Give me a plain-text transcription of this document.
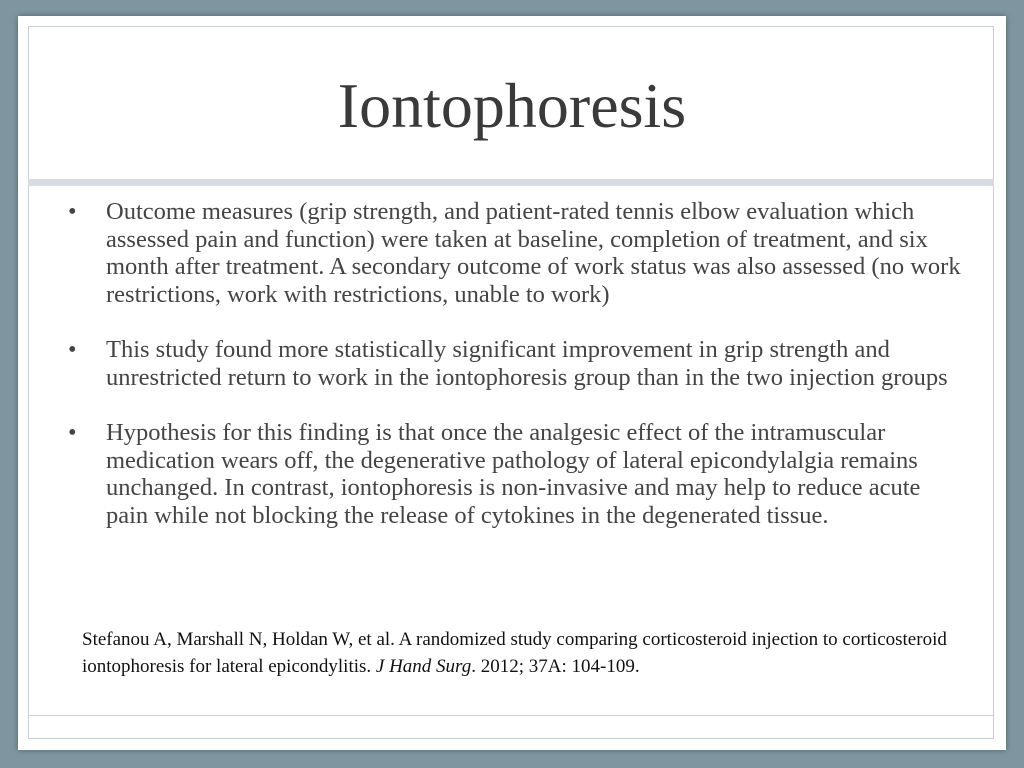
Iontophoresis
• Outcome measures (grip strength, and patient-rated tennis elbow evaluation which assessed pain and function) were taken at baseline, completion of treatment, and six month after treatment. A secondary outcome of work status was also assessed (no work restrictions, work with restrictions, unable to work)
• This study found more statistically significant improvement in grip strength and unrestricted return to work in the iontophoresis group than in the two injection groups
• Hypothesis for this finding is that once the analgesic effect of the intramuscular medication wears off, the degenerative pathology of lateral epicondylalgia remains unchanged. In contrast, iontophoresis is non-invasive and may help to reduce acute pain while not blocking the release of cytokines in the degenerated tissue.
Stefanou A, Marshall N, Holdan W, et al. A randomized study comparing corticosteroid injection to corticosteroid iontophoresis for lateral epicondylitis. J Hand Surg. 2012; 37A: 104-109.
